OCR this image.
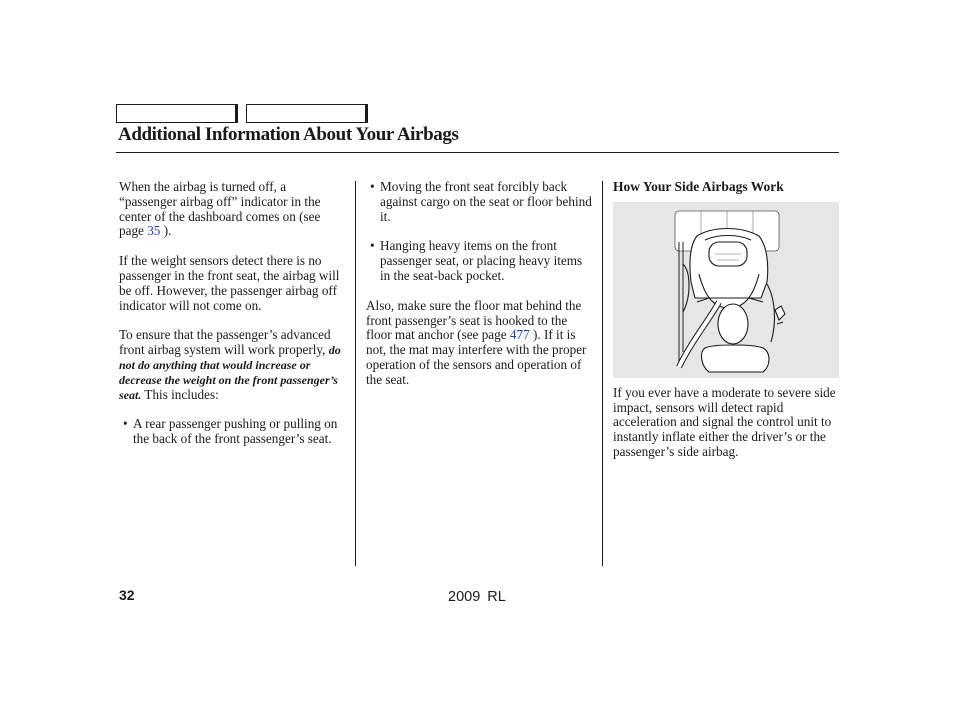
Additional Information About Your Airbags

When the airbag is turned off, a “passenger airbag off” indicator in the center of the dashboard comes on (see page 35 ).

If the weight sensors detect there is no passenger in the front seat, the airbag will be off. However, the passenger airbag off indicator will not come on.

To ensure that the passenger’s advanced front airbag system will work properly, do not do anything that would increase or decrease the weight on the front passenger’s seat. This includes:

• A rear passenger pushing or pulling on the back of the front passenger’s seat.
• Moving the front seat forcibly back against cargo on the seat or floor behind it.
• Hanging heavy items on the front passenger seat, or placing heavy items in the seat-back pocket.

Also, make sure the floor mat behind the front passenger’s seat is hooked to the floor mat anchor (see page 477 ). If it is not, the mat may interfere with the proper operation of the sensors and operation of the seat.

How Your Side Airbags Work

If you ever have a moderate to severe side impact, sensors will detect rapid acceleration and signal the control unit to instantly inflate either the driver’s or the passenger’s side airbag.

32	2009 RL
